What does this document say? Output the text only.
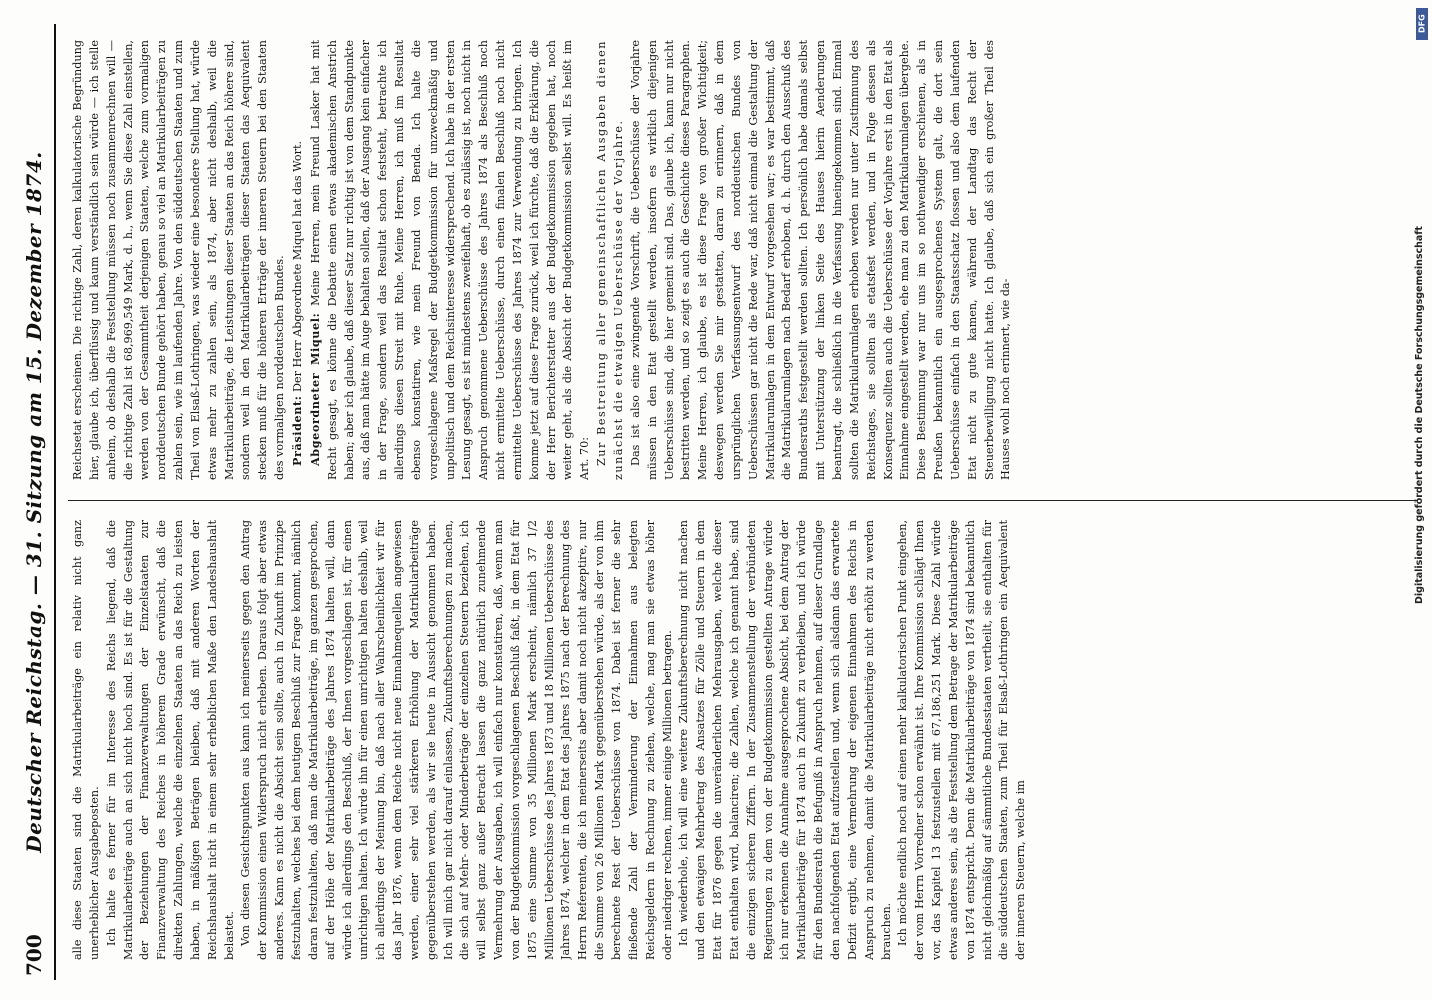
700
Deutscher Reichstag. — 31. Sitzung am 15. Dezember 1874. alle diese Staaten sind die Matrikularbeiträge ein relativ nicht ganz unerheblicher Ausgabeposten. Ich halte es ferner für im Interesse des Reichs liegend, daß die Matrikularbeiträge auch an sich nicht hoch sind. Es ist für die Gestaltung der Beziehungen der Finanzverwaltungen der Einzelstaaten zur Finanzverwaltung des Reiches in höherem Grade erwünscht, daß die direkten Zahlungen, welche die einzelnen Staaten an das Reich zu leisten haben, in mäßigen Beträgen bleiben, daß mit anderen Worten der Reichshaushalt nicht in einem sehr erheblichen Maße den Landeshaushalt belastet. Von diesen Gesichtspunkten aus kann ich meinerseits gegen den Antrag der Kommission einen Widerspruch nicht erheben. Daraus folgt aber etwas anderes. Kann es nicht die Absicht sein sollte, auch in Zukunft im Prinzipe festzuhalten, welches bei dem heutigen Beschluß zur Frage kommt, nämlich daran festzuhalten, daß man die Matrikularbeiträge, im ganzen gesprochen, auf der Höhe der Matrikularbeiträge des Jahres 1874 halten will, dann würde ich allerdings den Beschluß, der Ihnen vorgeschlagen ist, für einen unrichtigen halten. Ich würde ihn für einen unrichtigen halten deshalb, weil ich allerdings der Meinung bin, daß nach aller Wahrscheinlichkeit wir für das Jahr 1876, wenn dem Reiche nicht neue Einnahmequellen angewiesen werden, einer sehr viel stärkeren Erhöhung der Matrikularbeiträge gegenüberstehen werden, als wir sie heute in Aussicht genommen haben. Ich will mich gar nicht darauf einlassen, Zukunftsberechnungen zu machen, die sich auf Mehr- oder Minderbeträge der einzelnen Steuern beziehen, ich will selbst ganz außer Betracht lassen die ganz natürlich zunehmende Vermehrung der Ausgaben, ich will einfach nur konstatiren, daß, wenn man von der Budgetkommission vorgeschlagenen Beschluß faßt, in dem Etat für 1875 eine Summe von 35 Millionen Mark erscheint, nämlich 37 1/2 Millionen Ueberschüsse des Jahres 1873 und 18 Millionen Ueberschüsse des Jahres 1874, welcher in dem Etat des Jahres 1875 nach der Berechnung des Herrn Referenten, die ich meinerseits aber damit noch nicht akzeptire, nur die Summe von 26 Millionen Mark gegenüberstehen würde, als der von ihm berechnete Rest der Ueberschüsse von 1874. Dabei ist ferner die sehr fließende Zahl der Verminderung der Einnahmen aus belegten Reichsgeldern in Rechnung zu ziehen, welche, mag man sie etwas höher oder niedriger rechnen, immer einige Millionen betragen. Ich wiederhole, ich will eine weitere Zukunftsberechnung nicht machen und den etwaigen Mehrbetrag des Ansatzes für Zölle und Steuern in dem Etat für 1876 gegen die unveränderlichen Mehrausgaben, welche dieser Etat enthalten wird, balanciren; die Zahlen, welche ich genannt habe, sind die einzigen sicheren Ziffern. In der Zusammenstellung der verbündeten Regierungen zu dem von der Budgetkommission gestellten Antrage würde ich nur erkennen die Annahme ausgesprochene Absicht, bei dem Antrag der Matrikularbeiträge für 1874 auch in Zukunft zu verbleiben, und ich würde für den Bundesrath die Befugniß in Anspruch nehmen, auf dieser Grundlage den nachfolgenden Etat aufzustellen und, wenn sich alsdann das erwartete Defizit ergibt, eine Vermehrung der eigenen Einnahmen des Reichs in Anspruch zu nehmen, damit die Matrikularbeiträge nicht erhöht zu werden brauchen. Ich möchte endlich noch auf einen mehr kalkulatorischen Punkt eingehen, der vom Herrn Vorredner schon erwähnt ist. Ihre Kommission schlägt Ihnen vor, das Kapitel 13 festzustellen mit 67,186,251 Mark. Diese Zahl würde etwas anderes sein, als die Feststellung dem Betrage der Matrikularbeiträge von 1874 entspricht. Denn die Matrikularbeiträge von 1874 sind bekanntlich nicht gleichmäßig auf sämmtliche Bundesstaaten vertheilt, sie enthalten für die süddeutschen Staaten, zum Theil für Elsaß-Lothringen ein Aequivalent der inneren Steuern, welche im

Reichsetat erscheinen. Die richtige Zahl, deren kalkulatorische Begründung hier, glaube ich, überflüssig und kaum verständlich sein würde — ich stelle anheim, ob deshalb die Feststellung müssen noch zusammenrechnen will — die richtige Zahl ist 68,969,549 Mark, d. h., wenn Sie diese Zahl einstellen, werden von der Gesammtheit derjenigen Staaten, welche zum vormaligen norddeutschen Bunde gehört haben, genau so viel an Matrikularbeiträgen zu zahlen sein, wie im laufenden Jahre. Von den süddeutschen Staaten und zum Theil von Elsaß-Lothringen, was wieder eine besondere Stellung hat, würde etwas mehr zu zahlen sein, als 1874, aber nicht deshalb, weil die Matrikularbeiträge, die Leistungen dieser Staaten an das Reich höhere sind, sondern weil in den Matrikularbeiträgen dieser Staaten das Aequivalent stecken muß für die höheren Erträge der inneren Steuern bei den Staaten des vormaligen norddeutschen Bundes. Präsident: Der Herr Abgeordnete Miquel hat das Wort. Abgeordneter Miquel: Meine Herren, mein Freund Lasker hat mit Recht gesagt, es könne die Debatte einen etwas akademischen Anstrich haben; aber ich glaube, daß dieser Satz nur richtig ist von dem Standpunkte aus, daß man hätte im Auge behalten sollen, daß der Ausgang kein einfacher in der Frage, sondern weil das Resultat schon feststeht, betrachte ich allerdings diesen Streit mit Ruhe. Meine Herren, ich muß im Resultat ebenso konstatiren, wie mein Freund von Benda. Ich halte die vorgeschlagene Maßregel der Budgetkommission für unzweckmäßig und unpolitisch und dem Reichsinteresse widersprechend. Ich habe in der ersten Lesung gesagt, es ist mindestens zweifelhaft, ob es zulässig ist, noch nicht in Anspruch genommene Ueberschüsse des Jahres 1874 als Beschluß noch nicht ermittelte Ueberschüsse, durch einen finalen Beschluß noch nicht ermittelte Ueberschüsse des Jahres 1874 zur Verwendung zu bringen. Ich komme jetzt auf diese Frage zurück, weil ich fürchte, daß die Erklärung, die der Herr Berichterstatter aus der Budgetkommission gegeben hat, noch weiter geht, als die Absicht der Budgetkommission selbst will. Es heißt im Art. 70: Zur Bestreitung aller gemeinschaftlichen Ausgaben dienen zunächst die etwaigen Ueberschüsse der Vorjahre. Das ist also eine zwingende Vorschrift, die Ueberschüsse der Vorjahre müssen in den Etat gestellt werden, insofern es wirklich diejenigen Ueberschüsse sind, die hier gemeint sind. Das, glaube ich, kann nur nicht bestritten werden, und so zeigt es auch die Geschichte dieses Paragraphen. Meine Herren, ich glaube, es ist diese Frage von großer Wichtigkeit; deswegen werden Sie mir gestatten, daran zu erinnern, daß in dem ursprünglichen Verfassungsentwurf des norddeutschen Bundes von Ueberschüssen gar nicht die Rede war, daß nicht einmal die Gestaltung der Matrikularumlagen in dem Entwurf vorgesehen war; es war bestimmt, daß die Matrikularumlagen nach Bedarf erhoben, d. h. durch den Ausschuß des Bundesraths festgestellt werden sollten. Ich persönlich habe damals selbst mit Unterstützung der linken Seite des Hauses hierin Aenderungen beantragt, die schließlich in die Verfassung hineingekommen sind. Einmal sollten die Matrikularumlagen erhoben werden nur unter Zustimmung des Reichstages, sie sollten als etatsfest werden, und in Folge dessen als Konsequenz sollten auch die Ueberschüsse der Vorjahre erst in den Etat als Einnahme eingestellt werden, ehe man zu den Matrikularumlagen übergehe. Diese Bestimmung war nur uns im so nothwendiger erschienen, als in Preußen bekanntlich ein ausgesprochenes System galt, die dort sein Ueberschüsse einfach in den Staatsschatz flossen und also dem laufenden Etat nicht zu gute kamen, während der Landtag das Recht der Steuerbewilligung nicht hatte. Ich glaube, daß sich ein großer Theil des Hauses wohl noch erinnert, wie da-

DFG
Digitalisierung gefördert durch die Deutsche Forschungsgemeinschaft
